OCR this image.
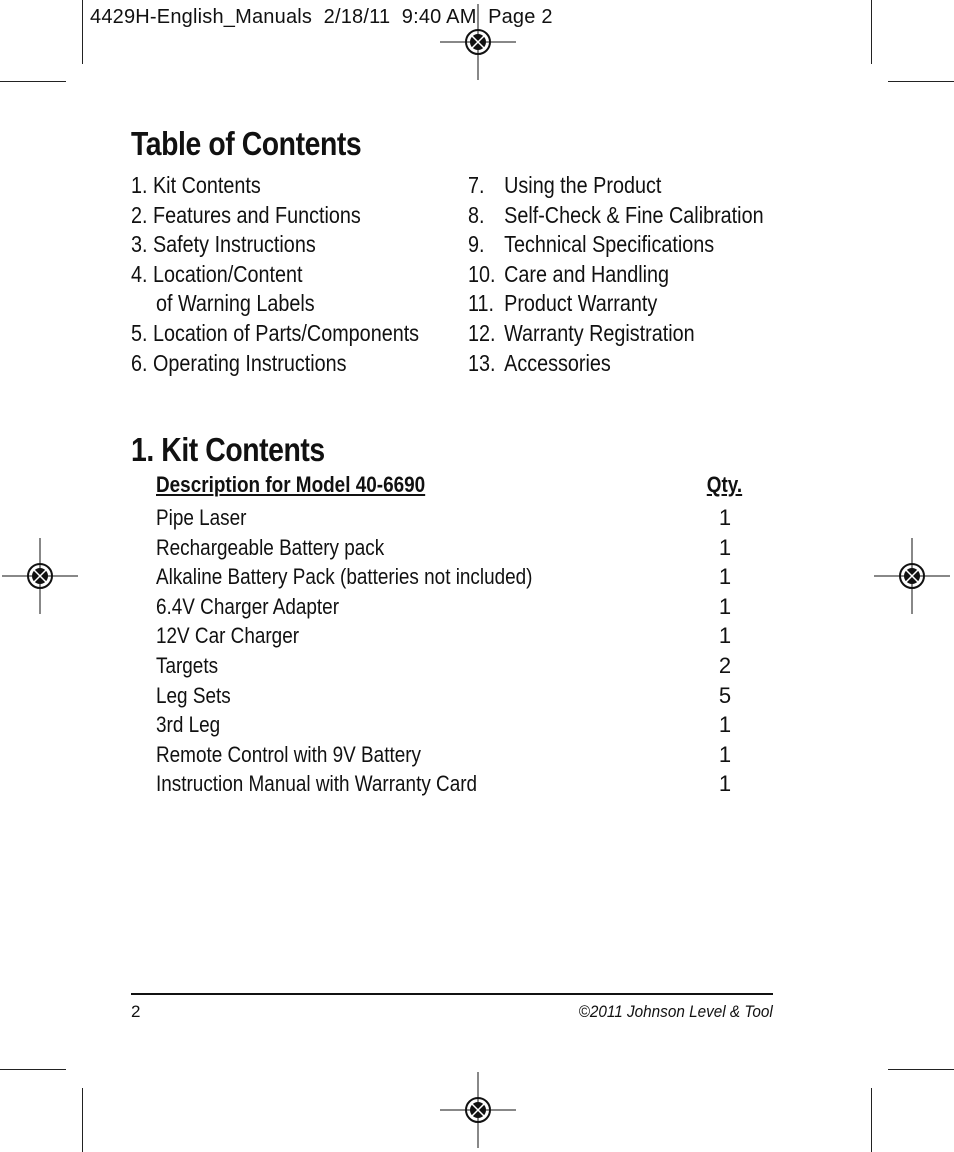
4429H-English_Manuals  2/18/11  9:40 AM  Page 2
Table of Contents
1. Kit Contents
2. Features and Functions
3. Safety Instructions
4. Location/Content
of Warning Labels
5. Location of Parts/Components
6. Operating Instructions
7. Using the Product
8. Self-Check & Fine Calibration
9. Technical Specifications
10. Care and Handling
11. Product Warranty
12. Warranty Registration
13. Accessories
1. Kit Contents
Description for Model 40-6690	Qty.
Pipe Laser	1
Rechargeable Battery pack	1
Alkaline Battery Pack (batteries not included)	1
6.4V Charger Adapter	1
12V Car Charger	1
Targets	2
Leg Sets	5
3rd Leg	1
Remote Control with 9V Battery	1
Instruction Manual with Warranty Card	1
2	©2011 Johnson Level & Tool
